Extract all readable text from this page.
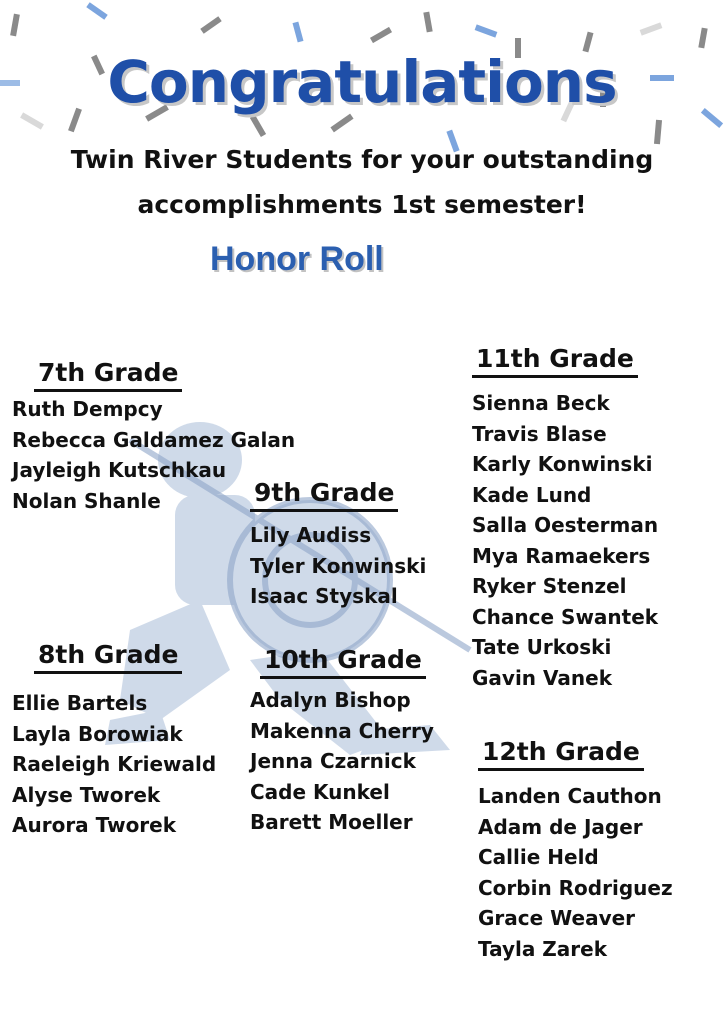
Congratulations
Twin River Students for your outstanding
accomplishments 1st semester!
Honor Roll
7th Grade
Ruth Dempcy
Rebecca Galdamez Galan
Jayleigh Kutschkau
Nolan Shanle
8th Grade
Ellie Bartels
Layla Borowiak
Raeleigh Kriewald
Alyse Tworek
Aurora Tworek
9th Grade
Lily Audiss
Tyler Konwinski
Isaac Styskal
10th Grade
Adalyn Bishop
Makenna Cherry
Jenna Czarnick
Cade Kunkel
Barett Moeller
11th Grade
Sienna Beck
Travis Blase
Karly Konwinski
Kade Lund
Salla Oesterman
Mya Ramaekers
Ryker Stenzel
Chance Swantek
Tate Urkoski
Gavin Vanek
12th Grade
Landen Cauthon
Adam de Jager
Callie Held
Corbin Rodriguez
Grace Weaver
Tayla Zarek
